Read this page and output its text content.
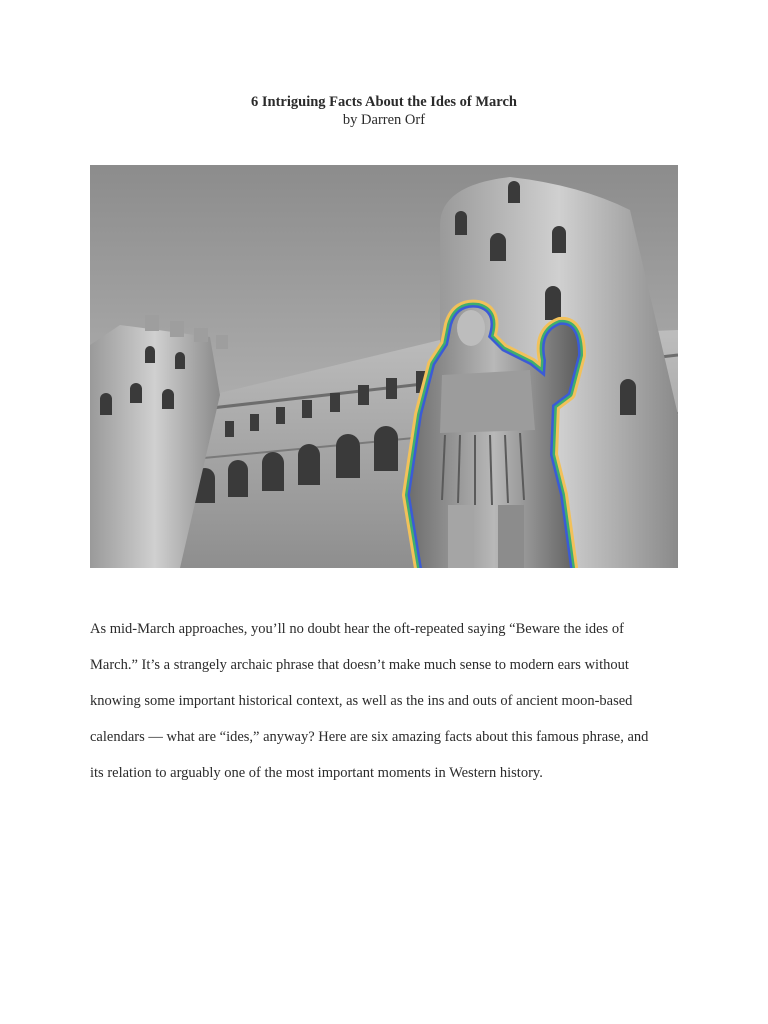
6 Intriguing Facts About the Ides of March
by Darren Orf

As mid-March approaches, you’ll no doubt hear the oft-repeated saying “Beware the ides of

March.” It’s a strangely archaic phrase that doesn’t make much sense to modern ears without

knowing some important historical context, as well as the ins and outs of ancient moon-based

calendars — what are “ides,” anyway? Here are six amazing facts about this famous phrase, and

its relation to arguably one of the most important moments in Western history.
